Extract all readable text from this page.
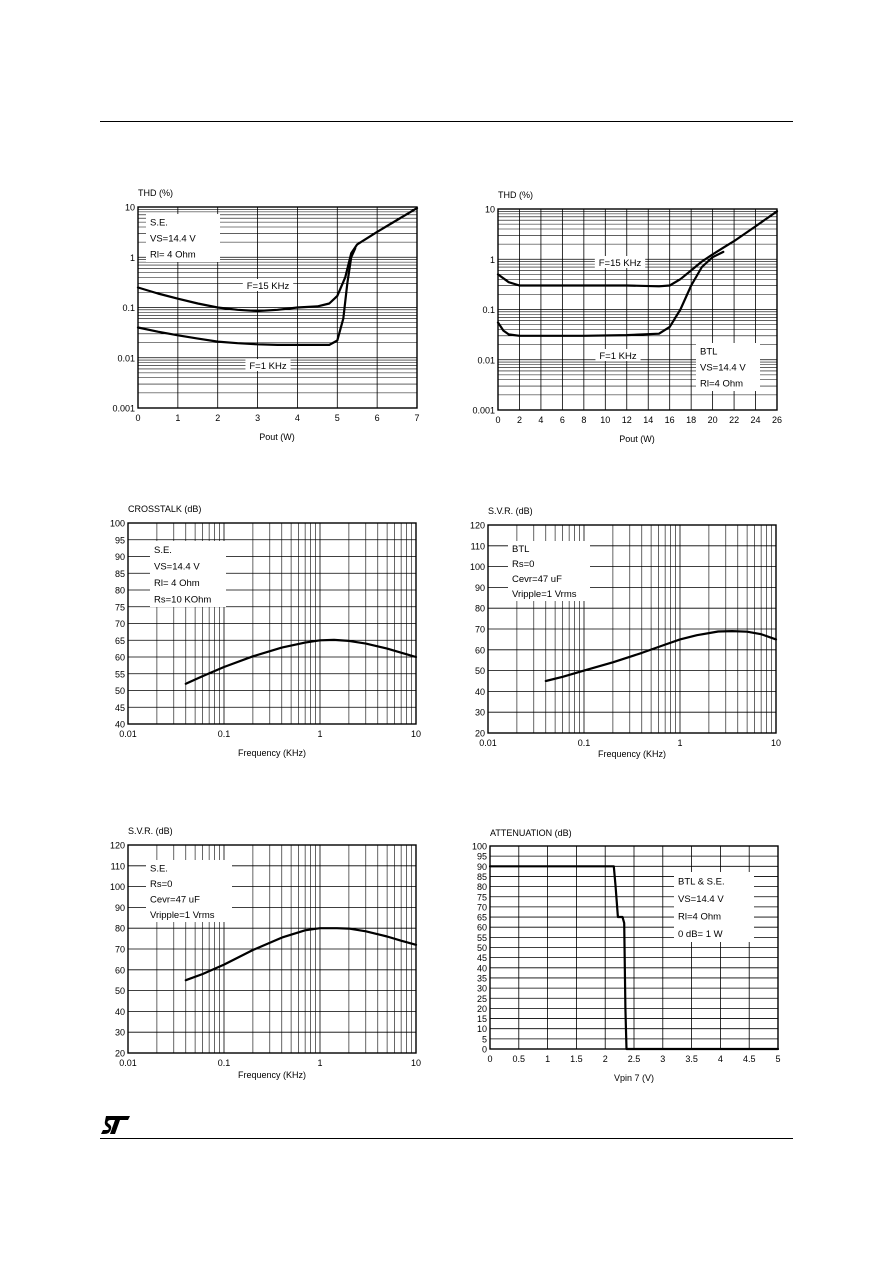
0	1	2	3	4	5	6	7
0.001
0.01
0.1
1
10
THD (%)
Pout (W)
S.E.
VS=14.4 V
Rl= 4 Ohm
F=15 KHz
F=1 KHz
0 2 4 6 8 10 12 14 16 18 20 22 24 26
0.001
0.01
0.1
1
10
THD (%)
Pout (W)
BTL
VS=14.4 V
Rl=4 Ohm
F=15 KHz
F=1 KHz
0.01	0.1	1	10
40
45
50
55
60
65
70
75
80
85
90
95
100
CROSSTALK (dB)
Frequency (KHz)
S.E.
VS=14.4 V
Rl= 4 Ohm
Rs=10 KOhm
0.01	0.1	1	10
20
30
40
50
60
70
80
90
100
110
120
S.V.R. (dB)
Frequency (KHz)
BTL
Rs=0
Cevr=47 uF
Vripple=1 Vrms
0.01	0.1	1	10
20
30
40
50
60
70
80
90
100
110
120
S.V.R. (dB)
Frequency (KHz)
S.E.
Rs=0
Cevr=47 uF
Vripple=1 Vrms
0 0.5 1 1.5 2 2.5 3 3.5 4 4.5 5
0
5
10
15
20
25
30
35
40
45
50
55
60
65
70
75
80
85
90
95
100
ATTENUATION (dB)
Vpin 7 (V)
BTL & S.E.
VS=14.4 V
Rl=4 Ohm
0 dB= 1 W
